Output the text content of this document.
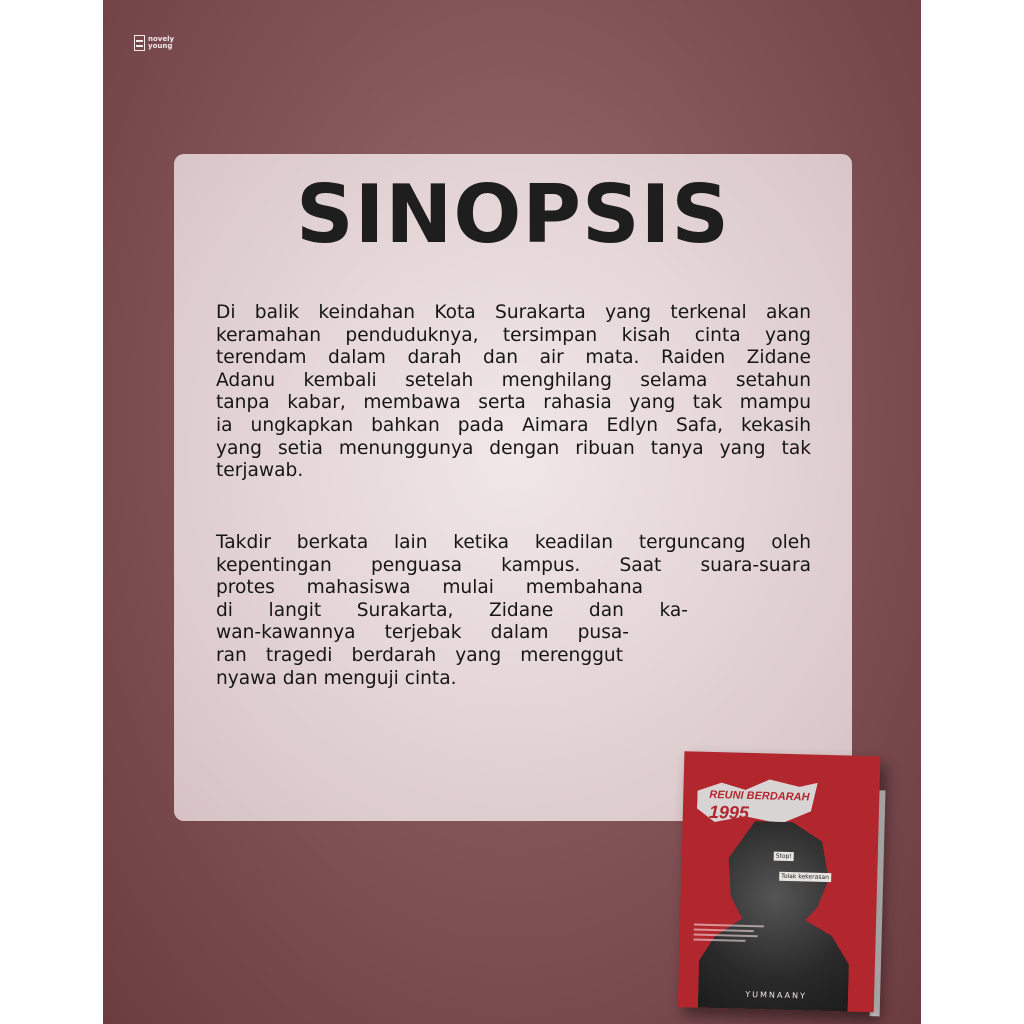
novely
young
SINOPSIS

Di balik keindahan Kota Surakarta yang terkenal akan
keramahan penduduknya, tersimpan kisah cinta yang
terendam dalam darah dan air mata. Raiden Zidane
Adanu kembali setelah menghilang selama setahun
tanpa kabar, membawa serta rahasia yang tak mampu
ia ungkapkan bahkan pada Aimara Edlyn Safa, kekasih
yang setia menunggunya dengan ribuan tanya yang tak
terjawab.

Takdir berkata lain ketika keadilan terguncang oleh
kepentingan penguasa kampus. Saat suara-suara
protes mahasiswa mulai membahana
di langit Surakarta, Zidane dan ka-
wan-kawannya terjebak dalam pusa-
ran tragedi berdarah yang merenggut
nyawa dan menguji cinta.

REUNI BERDARAH
1995
Stop!
Tolak kekerasan
YUMNAANY
